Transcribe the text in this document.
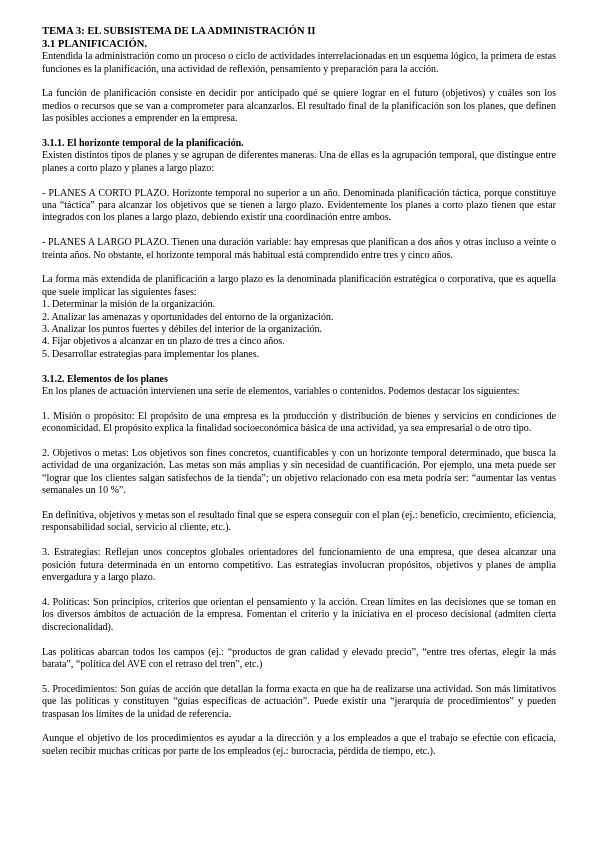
TEMA 3: EL SUBSISTEMA DE LA ADMINISTRACIÓN II
3.1 PLANIFICACIÓN.

Entendida la administración como un proceso o ciclo de actividades interrelacionadas en un esquema lógico, la primera de estas funciones es la planificación, una actividad de reflexión, pensamiento y preparación para la acción.

La función de planificación consiste en decidir por anticipado qué se quiere lograr en el futuro (objetivos) y cuáles son los medios o recursos que se van a comprometer para alcanzarlos. El resultado final de la planificación son los planes, que definen las posibles acciones a emprender en la empresa.

3.1.1. El horizonte temporal de la planificación.

Existen distintos tipos de planes y se agrupan de diferentes maneras. Una de ellas es la agrupación temporal, que distingue entre planes a corto plazo y planes a largo plazo:

- PLANES A CORTO PLAZO. Horizonte temporal no superior a un año. Denominada planificación táctica, porque constituye una “táctica” para alcanzar los objetivos que se tienen a largo plazo. Evidentemente los planes a corto plazo tienen que estar integrados con los planes a largo plazo, debiendo existir una coordinación entre ambos.

- PLANES A LARGO PLAZO. Tienen una duración variable: hay empresas que planifican a dos años y otras incluso a veinte o treinta años. No obstante, el horizonte temporal más habitual está comprendido entre tres y cinco años.

La forma más extendida de planificación a largo plazo es la denominada planificación estratégica o corporativa, que es aquella que suele implicar las siguientes fases:

1. Determinar la misión de la organización.
2. Analizar las amenazas y oportunidades del entorno de la organización.
3. Analizar los puntos fuertes y débiles del interior de la organización.
4. Fijar objetivos a alcanzar en un plazo de tres a cinco años.
5. Desarrollar estrategias para implementar los planes.
3.1.2. Elementos de los planes

En los planes de actuación intervienen una serie de elementos, variables o contenidos. Podemos destacar los siguientes:

1. Misión o propósito: El propósito de una empresa es la producción y distribución de bienes y servicios en condiciones de economicidad. El propósito explica la finalidad socioeconómica básica de una actividad, ya sea empresarial o de otro tipo.

2. Objetivos o metas: Los objetivos son fines concretos, cuantificables y con un horizonte temporal determinado, que busca la actividad de una organización. Las metas son más amplias y sin necesidad de cuantificación. Por ejemplo, una meta puede ser “lograr que los clientes salgan satisfechos de la tienda”; un objetivo relacionado con esa meta podría ser: “aumentar las ventas semanales un 10 %”.

En definitiva, objetivos y metas son el resultado final que se espera conseguir con el plan (ej.: beneficio, crecimiento, eficiencia, responsabilidad social, servicio al cliente, etc.).

3. Estrategias: Reflejan unos conceptos globales orientadores del funcionamiento de una empresa, que desea alcanzar una posición futura determinada en un entorno competitivo. Las estrategias involucran propósitos, objetivos y planes de amplia envergadura y a largo plazo.

4. Políticas: Son principios, criterios que orientan el pensamiento y la acción. Crean límites en las decisiones que se toman en los diversos ámbitos de actuación de la empresa. Fomentan el criterio y la iniciativa en el proceso decisional (admiten cierta discrecionalidad).

Las políticas abarcan todos los campos (ej.: “productos de gran calidad y elevado precio”, “entre tres ofertas, elegir la más barata”, “política del AVE con el retraso del tren”, etc.)

5. Procedimientos: Son guías de acción que detallan la forma exacta en que ha de realizarse una actividad. Son más limitativos que las políticas y constituyen “guías específicas de actuación”. Puede existir una “jerarquía de procedimientos” y pueden traspasan los límites de la unidad de referencia.

Aunque el objetivo de los procedimientos es ayudar a la dirección y a los empleados a que el trabajo se efectúe con eficacia, suelen recibir muchas críticas por parte de los empleados (ej.: burocracia, pérdida de tiempo, etc.).
